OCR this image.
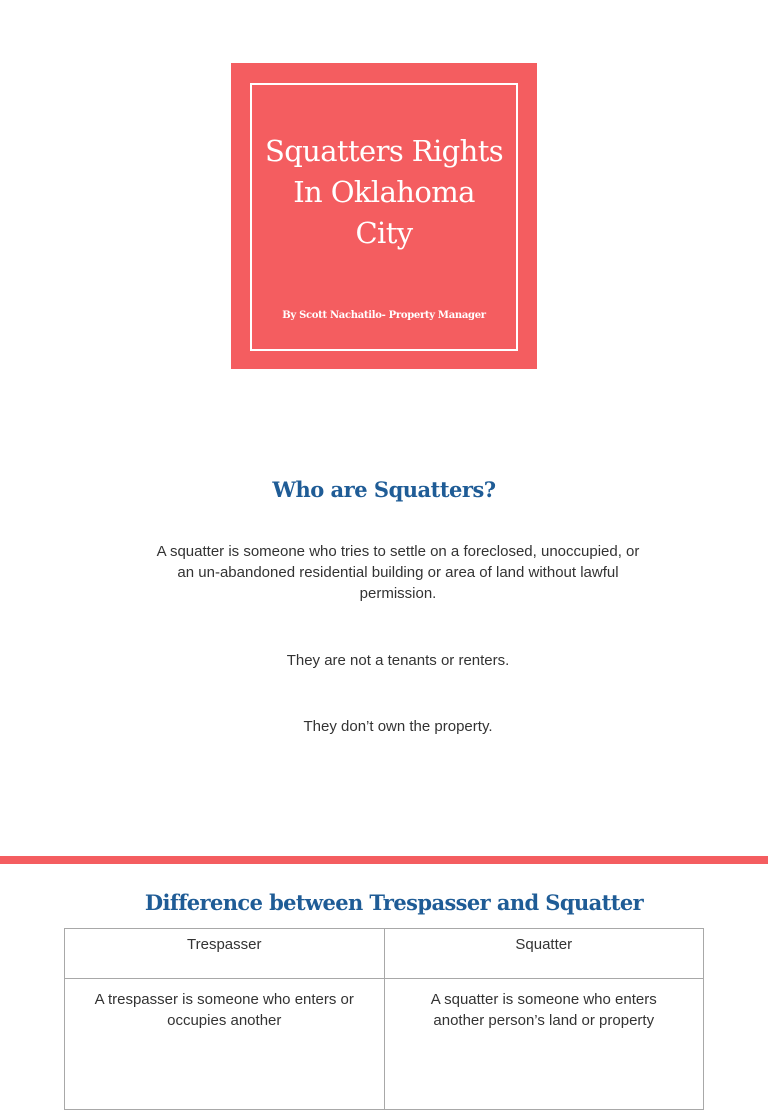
Squatters Rights
In Oklahoma
City

By Scott Nachatilo- Property Manager

Who are Squatters?

A squatter is someone who tries to settle on a foreclosed, unoccupied, or
an un-abandoned residential building or area of land without lawful
permission.

They are not a tenants or renters.

They don’t own the property.

Difference between Trespasser and Squatter
Trespasser	Squatter
A trespasser is someone who enters or occupies another	A squatter is someone who enters another person’s land or property
